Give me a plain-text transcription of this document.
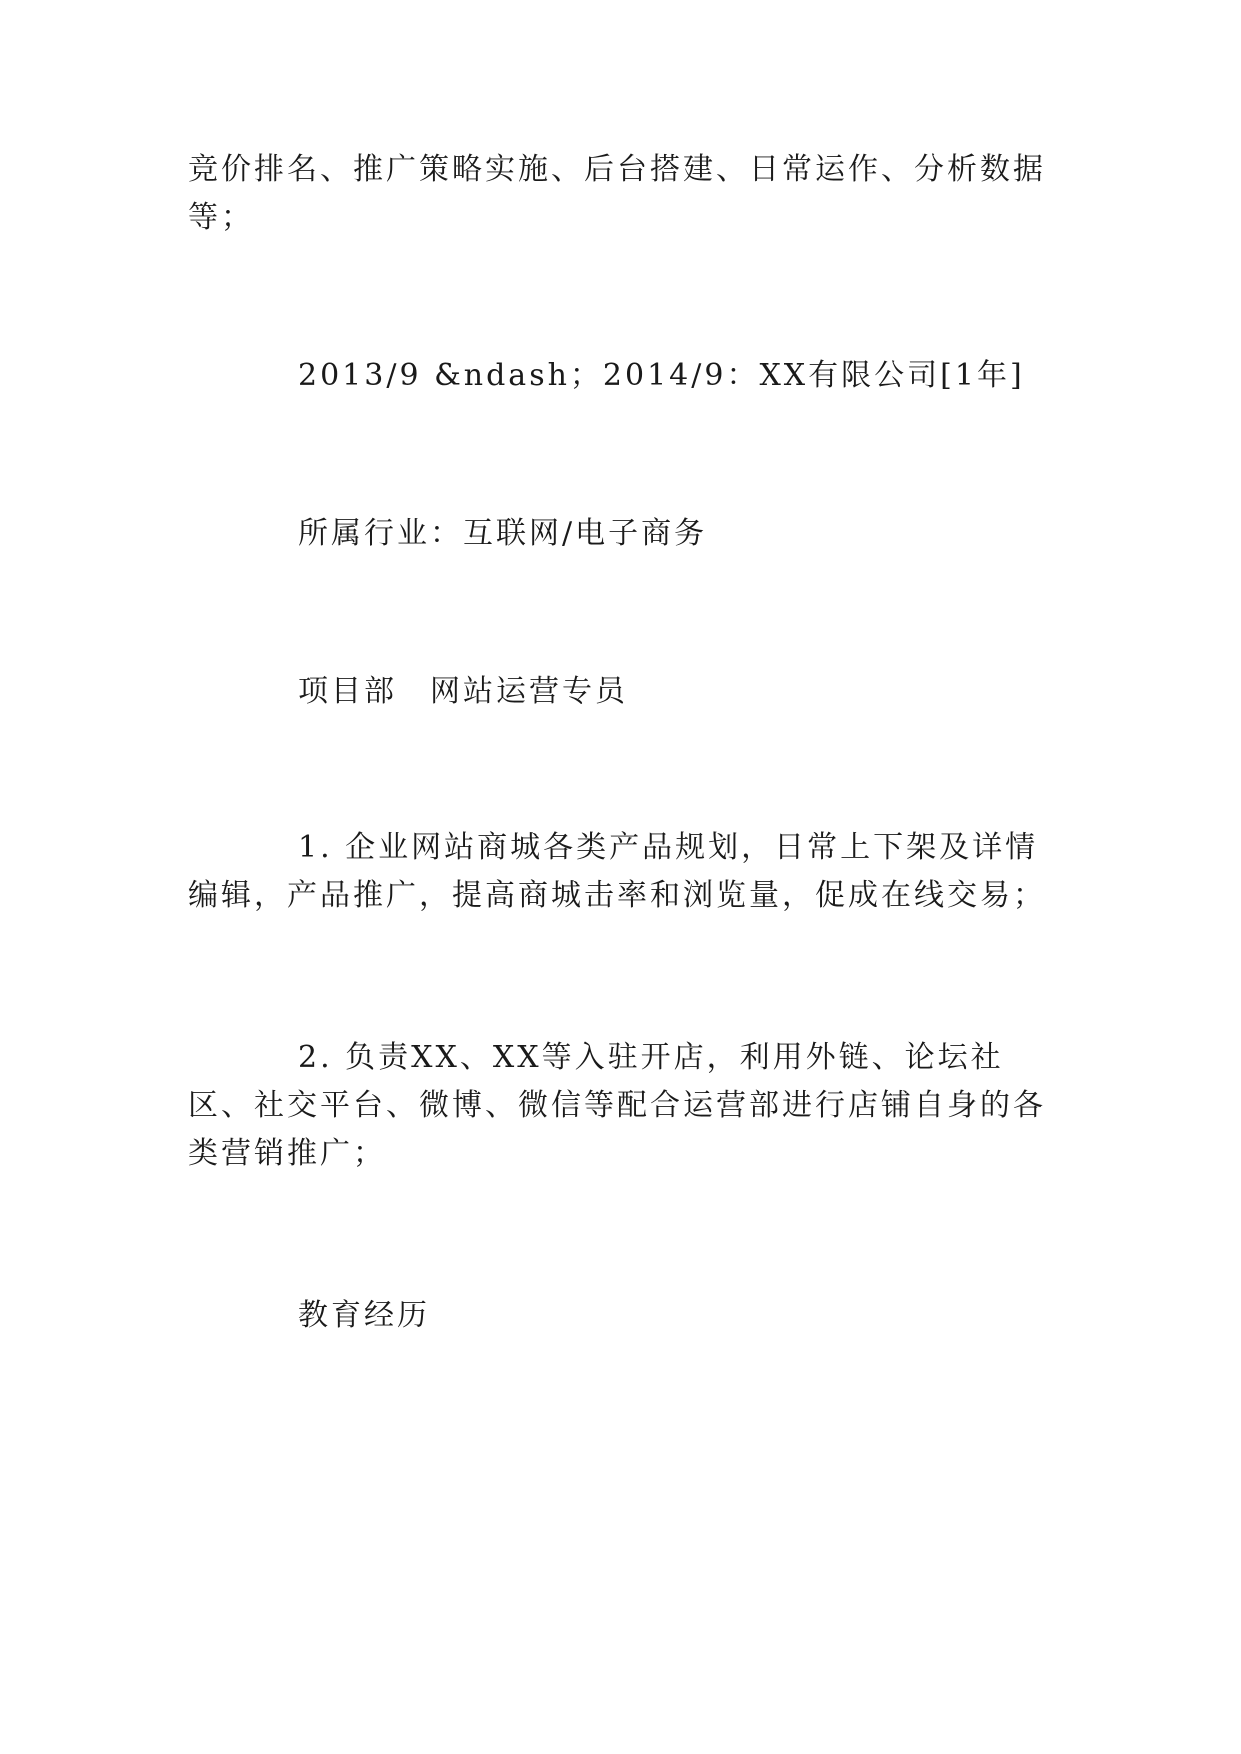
竞价排名、推广策略实施、后台搭建、日常运作、分析数据等；

2013/9 &ndash；2014/9：XX有限公司[1年]

所属行业：互联网/电子商务

项目部　网站运营专员

1. 企业网站商城各类产品规划，日常上下架及详情编辑，产品推广，提高商城击率和浏览量，促成在线交易；

2. 负责XX、XX等入驻开店，利用外链、论坛社区、社交平台、微博、微信等配合运营部进行店铺自身的各类营销推广；

教育经历
